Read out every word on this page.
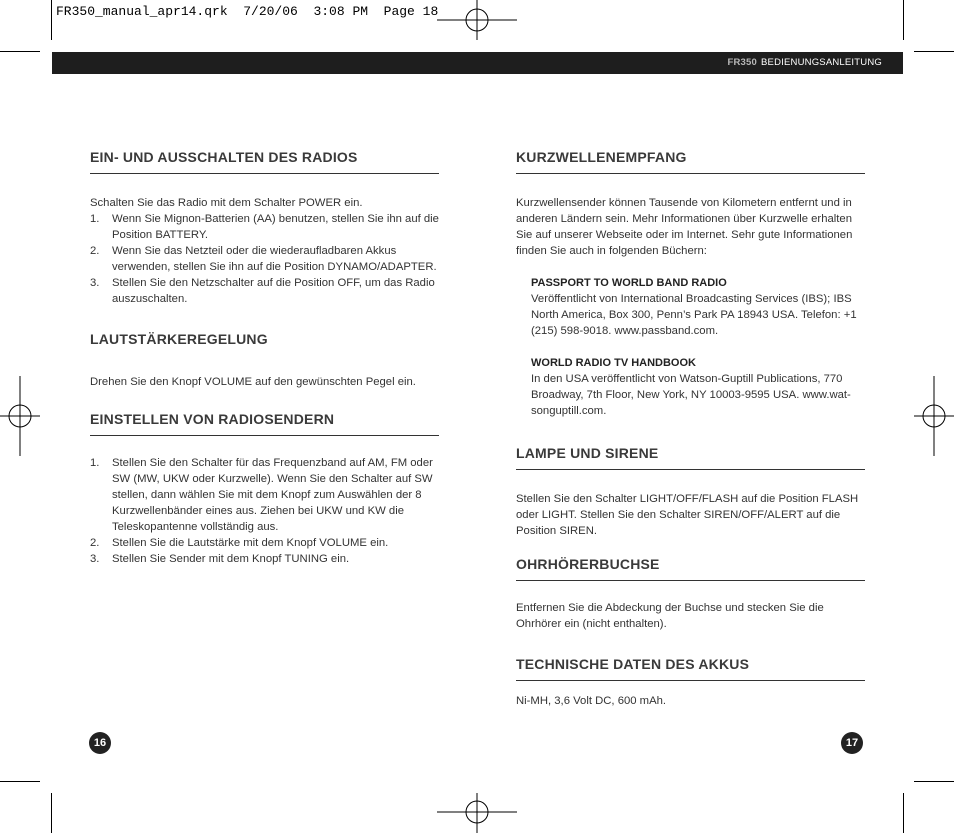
FR350_manual_apr14.qrk  7/20/06  3:08 PM  Page 18
FR350 BEDIENUNGSANLEITUNG
EIN- UND AUSSCHALTEN DES RADIOS

Schalten Sie das Radio mit dem Schalter POWER ein.

1. Wenn Sie Mignon-Batterien (AA) benutzen, stellen Sie ihn auf die Position BATTERY.
2. Wenn Sie das Netzteil oder die wiederaufladbaren Akkus verwenden, stellen Sie ihn auf die Position DYNAMO/ADAPTER.
3. Stellen Sie den Netzschalter auf die Position OFF, um das Radio auszuschalten.
LAUTSTÄRKEREGELUNG

Drehen Sie den Knopf VOLUME auf den gewünschten Pegel ein.

EINSTELLEN VON RADIOSENDERN
1. Stellen Sie den Schalter für das Frequenzband auf AM, FM oder SW (MW, UKW oder Kurzwelle). Wenn Sie den Schalter auf SW stellen, dann wählen Sie mit dem Knopf zum Auswählen der 8 Kurzwellenbänder eines aus. Ziehen bei UKW und KW die Teleskopantenne vollständig aus.
2. Stellen Sie die Lautstärke mit dem Knopf VOLUME ein.
3. Stellen Sie Sender mit dem Knopf TUNING ein.
16
KURZWELLENEMPFANG

Kurzwellensender können Tausende von Kilometern entfernt und in anderen Ländern sein. Mehr Informationen über Kurzwelle erhalten Sie auf unserer Webseite oder im Internet. Sehr gute Informationen finden Sie auch in folgenden Büchern:

PASSPORT TO WORLD BAND RADIO
Veröffentlicht von International Broadcasting Services (IBS); IBS North America, Box 300, Penn’s Park PA 18943 USA. Telefon: +1 (215) 598-9018. www.passband.com.
WORLD RADIO TV HANDBOOK
In den USA veröffentlicht von Watson-Guptill Publications, 770 Broadway, 7th Floor, New York, NY 10003-9595 USA. www.wat-songuptill.com.
LAMPE UND SIRENE

Stellen Sie den Schalter LIGHT/OFF/FLASH auf die Position FLASH oder LIGHT. Stellen Sie den Schalter SIREN/OFF/ALERT auf die Position SIREN.

OHRHÖRERBUCHSE

Entfernen Sie die Abdeckung der Buchse und stecken Sie die Ohrhörer ein (nicht enthalten).

TECHNISCHE DATEN DES AKKUS

Ni-MH, 3,6 Volt DC, 600 mAh.

17
